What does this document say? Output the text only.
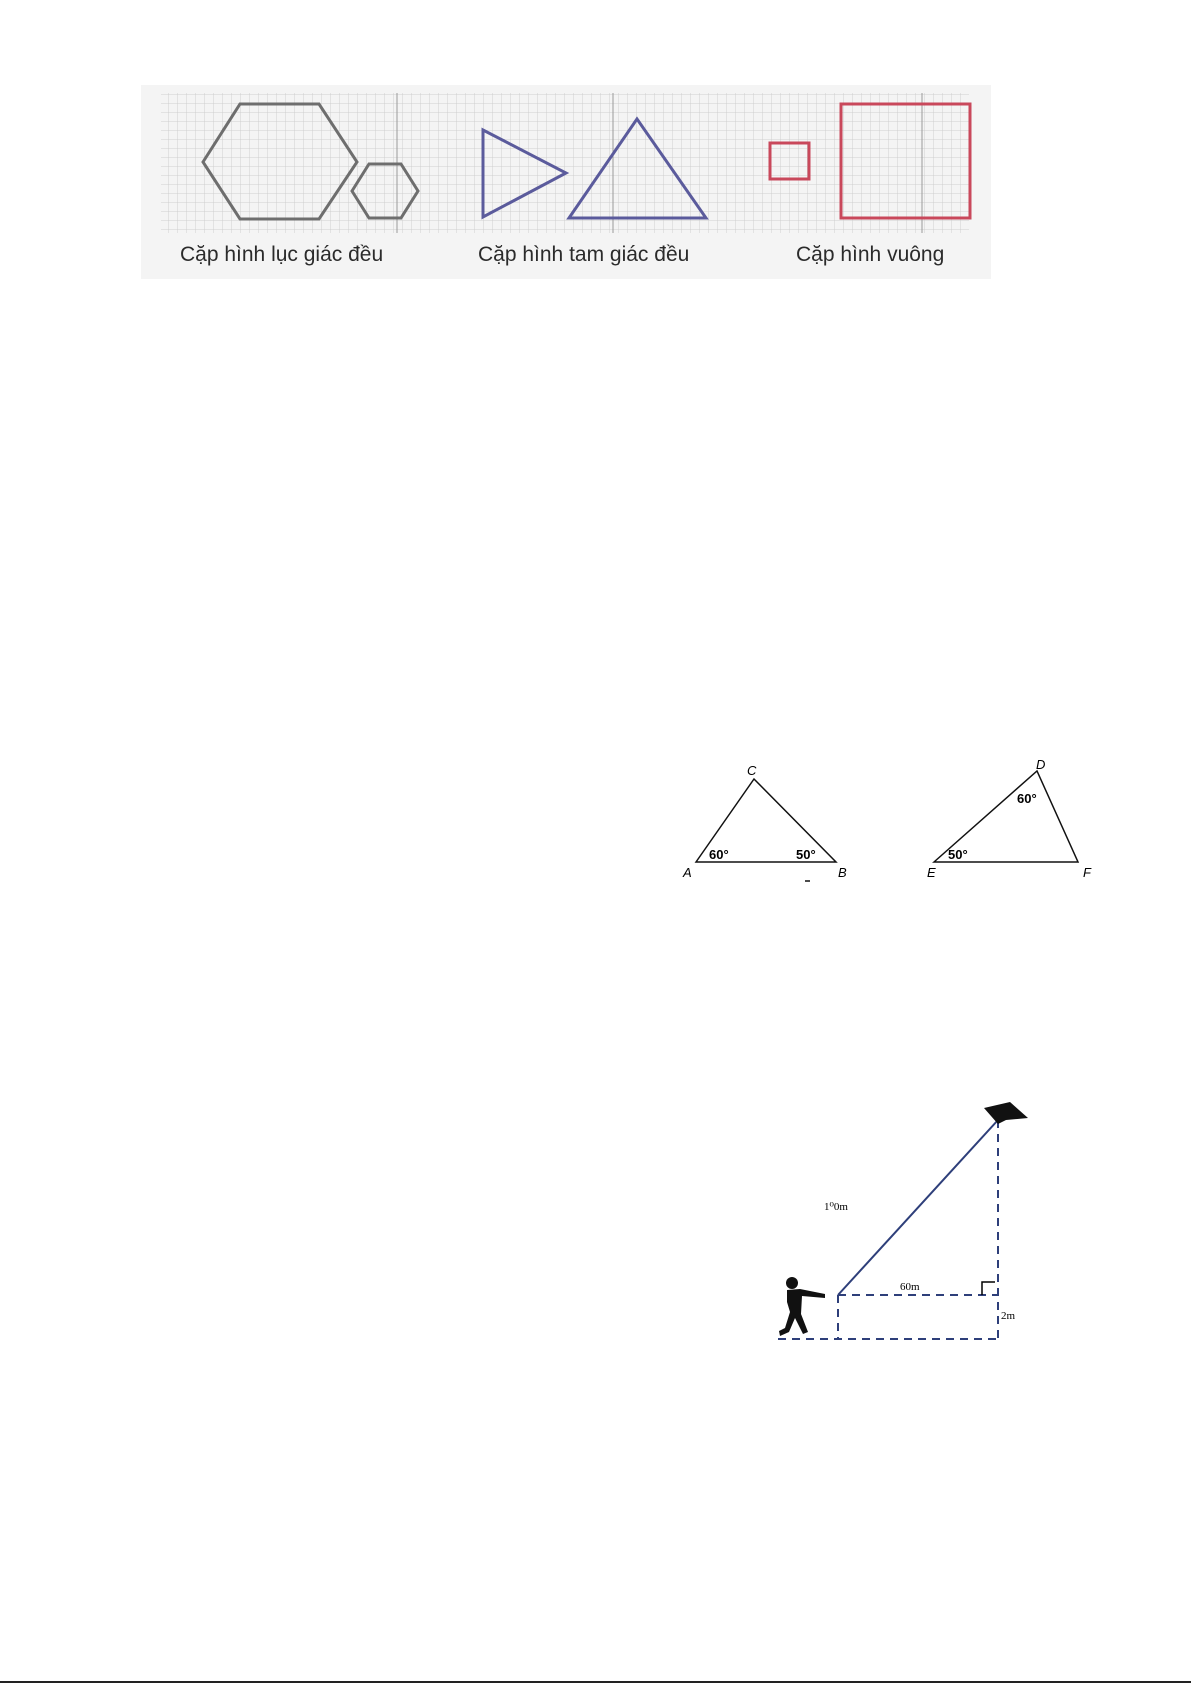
Cặp hình lục giác đều	Cặp hình tam giác đều	Cặp hình vuông
A	B
C
60°	50°
D
E	F
60°
50°
1⁰0m
60m
2m
